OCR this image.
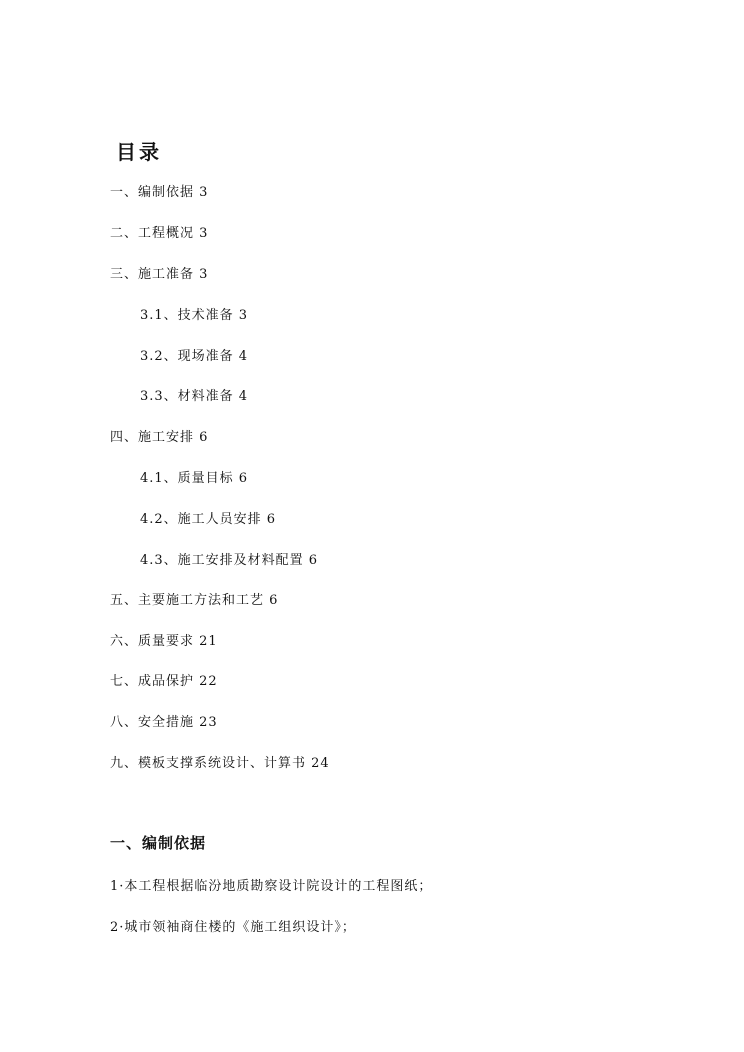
目录
一、编制依据 3
二、工程概况 3
三、施工准备 3
3.1、技术准备 3
3.2、现场准备 4
3.3、材料准备 4
四、施工安排 6
4.1、质量目标 6
4.2、施工人员安排 6
4.3、施工安排及材料配置 6
五、主要施工方法和工艺 6
六、质量要求 21
七、成品保护 22
八、安全措施 23
九、模板支撑系统设计、计算书 24
一、编制依据
1·本工程根据临汾地质勘察设计院设计的工程图纸；
2·城市领袖商住楼的《施工组织设计》；
